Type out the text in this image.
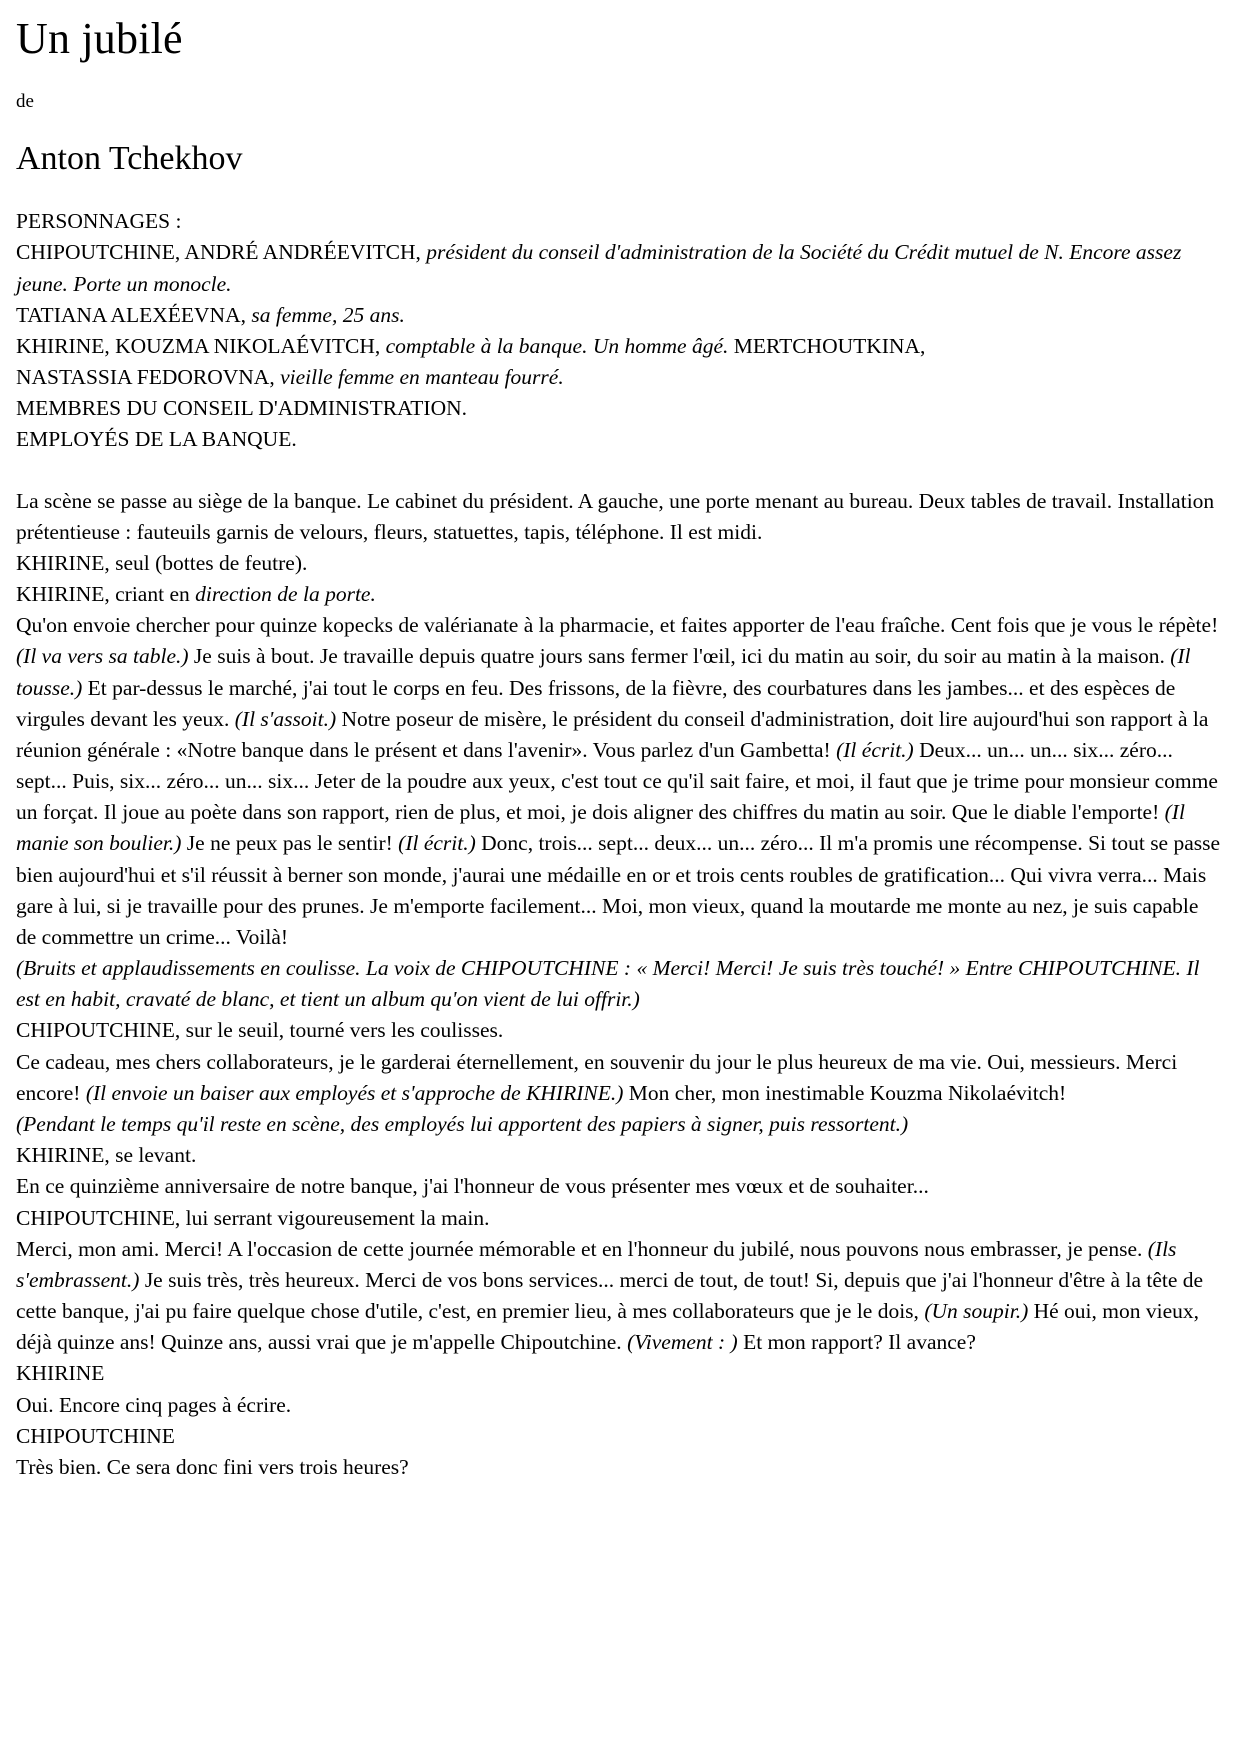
Un jubilé

de

Anton Tchekhov
PERSONNAGES :
CHIPOUTCHINE, ANDRÉ ANDRÉEVITCH, président du conseil d'administration de la Société du Crédit mutuel de N. Encore assez jeune. Porte un monocle.
TATIANA ALEXÉEVNA, sa femme, 25 ans.
KHIRINE, KOUZMA NIKOLAÉVITCH, comptable à la banque. Un homme âgé. MERTCHOUTKINA,
NASTASSIA FEDOROVNA, vieille femme en manteau fourré.
MEMBRES DU CONSEIL D'ADMINISTRATION.
EMPLOYÉS DE LA BANQUE.
La scène se passe au siège de la banque. Le cabinet du président. A gauche, une porte menant au bureau. Deux tables de travail. Installation prétentieuse : fauteuils garnis de velours, fleurs, statuettes, tapis, téléphone. Il est midi.
KHIRINE, seul (bottes de feutre).
KHIRINE, criant en direction de la porte.
Qu'on envoie chercher pour quinze kopecks de valérianate à la pharmacie, et faites apporter de l'eau fraîche. Cent fois que je vous le répète! (Il va vers sa table.) Je suis à bout. Je travaille depuis quatre jours sans fermer l'œil, ici du matin au soir, du soir au matin à la maison. (Il tousse.) Et par-dessus le marché, j'ai tout le corps en feu. Des frissons, de la fièvre, des courbatures dans les jambes... et des espèces de virgules devant les yeux. (Il s'assoit.) Notre poseur de misère, le président du conseil d'administration, doit lire aujourd'hui son rapport à la réunion générale : «Notre banque dans le présent et dans l'avenir». Vous parlez d'un Gambetta! (Il écrit.) Deux... un... un... six... zéro... sept... Puis, six... zéro... un... six... Jeter de la poudre aux yeux, c'est tout ce qu'il sait faire, et moi, il faut que je trime pour monsieur comme un forçat. Il joue au poète dans son rapport, rien de plus, et moi, je dois aligner des chiffres du matin au soir. Que le diable l'emporte! (Il manie son boulier.) Je ne peux pas le sentir! (Il écrit.) Donc, trois... sept... deux... un... zéro... Il m'a promis une récompense. Si tout se passe bien aujourd'hui et s'il réussit à berner son monde, j'aurai une médaille en or et trois cents roubles de gratification... Qui vivra verra... Mais gare à lui, si je travaille pour des prunes. Je m'emporte facilement... Moi, mon vieux, quand la moutarde me monte au nez, je suis capable de commettre un crime... Voilà!
(Bruits et applaudissements en coulisse. La voix de CHIPOUTCHINE : « Merci! Merci! Je suis très touché! » Entre CHIPOUTCHINE. Il est en habit, cravaté de blanc, et tient un album qu'on vient de lui offrir.)
CHIPOUTCHINE, sur le seuil, tourné vers les coulisses.
Ce cadeau, mes chers collaborateurs, je le garderai éternellement, en souvenir du jour le plus heureux de ma vie. Oui, messieurs. Merci encore! (Il envoie un baiser aux employés et s'approche de KHIRINE.) Mon cher, mon inestimable Kouzma Nikolaévitch!
(Pendant le temps qu'il reste en scène, des employés lui apportent des papiers à signer, puis ressortent.)
KHIRINE, se levant.
En ce quinzième anniversaire de notre banque, j'ai l'honneur de vous présenter mes vœux et de souhaiter...
CHIPOUTCHINE, lui serrant vigoureusement la main.
Merci, mon ami. Merci! A l'occasion de cette journée mémorable et en l'honneur du jubilé, nous pouvons nous embrasser, je pense. (Ils s'embrassent.) Je suis très, très heureux. Merci de vos bons services... merci de tout, de tout! Si, depuis que j'ai l'honneur d'être à la tête de cette banque, j'ai pu faire quelque chose d'utile, c'est, en premier lieu, à mes collaborateurs que je le dois, (Un soupir.) Hé oui, mon vieux, déjà quinze ans! Quinze ans, aussi vrai que je m'appelle Chipoutchine. (Vivement : ) Et mon rapport? Il avance?
KHIRINE
Oui. Encore cinq pages à écrire.
CHIPOUTCHINE
Très bien. Ce sera donc fini vers trois heures?
